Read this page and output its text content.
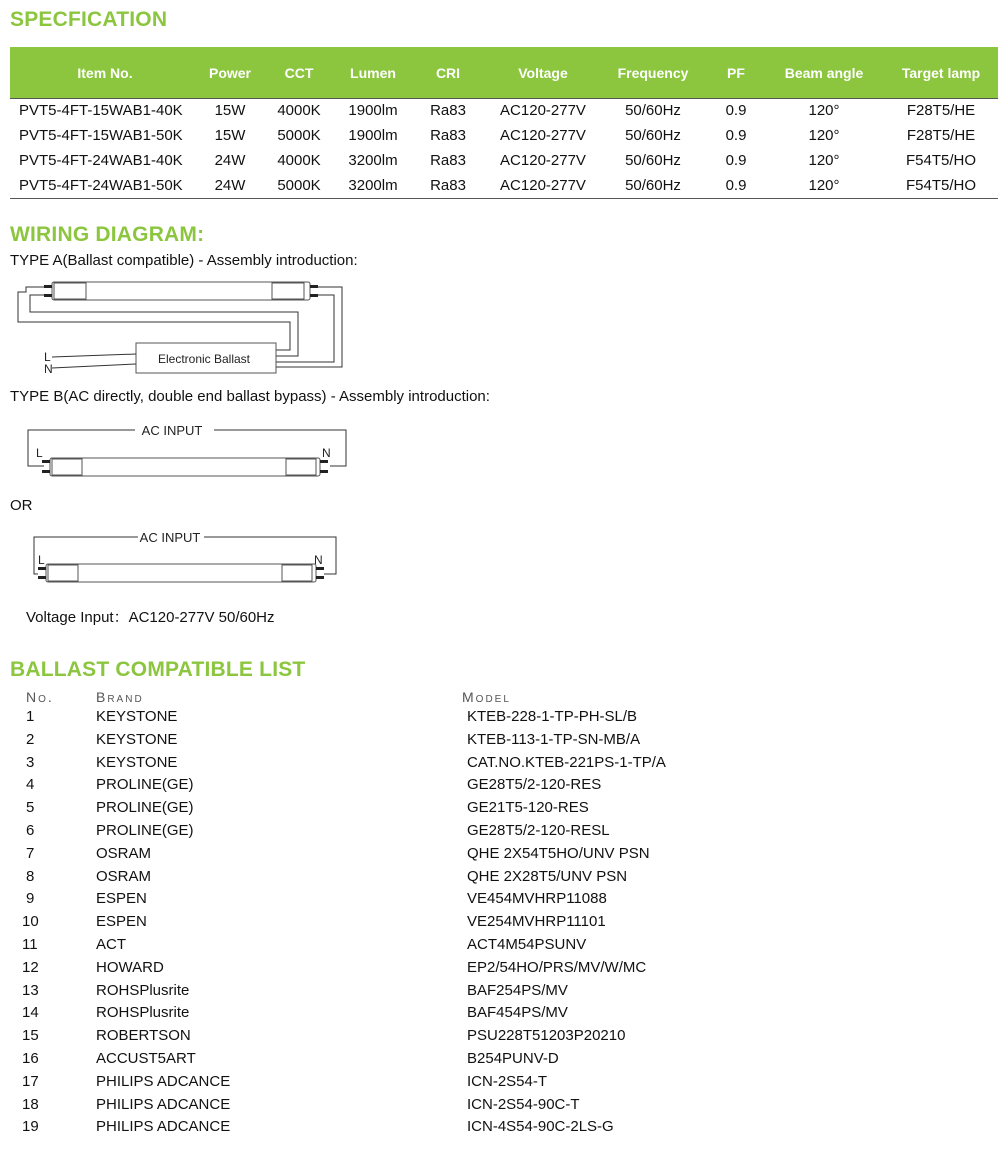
SPECFICATION
Item No.	Power	CCT	Lumen	CRI	Voltage	Frequency	PF	Beam angle	Target lamp
PVT5-4FT-15WAB1-40K	15W	4000K	1900lm	Ra83	AC120-277V	50/60Hz	0.9	120°	F28T5/HE
PVT5-4FT-15WAB1-50K	15W	5000K	1900lm	Ra83	AC120-277V	50/60Hz	0.9	120°	F28T5/HE
PVT5-4FT-24WAB1-40K	24W	4000K	3200lm	Ra83	AC120-277V	50/60Hz	0.9	120°	F54T5/HO
PVT5-4FT-24WAB1-50K	24W	5000K	3200lm	Ra83	AC120-277V	50/60Hz	0.9	120°	F54T5/HO
WIRING DIAGRAM:

TYPE A(Ballast compatible) - Assembly introduction:

Electronic Ballast
L
N

TYPE B(AC directly, double end ballast bypass) - Assembly introduction:

AC INPUT
L	N

OR

AC INPUT
L	N

Voltage Input：AC120-277V 50/60Hz

BALLAST COMPATIBLE LIST
No.	Brand	Model
1	KEYSTONE	KTEB-228-1-TP-PH-SL/B
2	KEYSTONE	KTEB-113-1-TP-SN-MB/A
3	KEYSTONE	CAT.NO.KTEB-221PS-1-TP/A
4	PROLINE(GE)	GE28T5/2-120-RES
5	PROLINE(GE)	GE21T5-120-RES
6	PROLINE(GE)	GE28T5/2-120-RESL
7	OSRAM	QHE 2X54T5HO/UNV PSN
8	OSRAM	QHE 2X28T5/UNV PSN
9	ESPEN	VE454MVHRP11088
10	ESPEN	VE254MVHRP11101
11	ACT	ACT4M54PSUNV
12	HOWARD	EP2/54HO/PRS/MV/W/MC
13	ROHSPlusrite	BAF254PS/MV
14	ROHSPlusrite	BAF454PS/MV
15	ROBERTSON	PSU228T51203P20210
16	ACCUST5ART	B254PUNV-D
17	PHILIPS ADCANCE	ICN-2S54-T
18	PHILIPS ADCANCE	ICN-2S54-90C-T
19	PHILIPS ADCANCE	ICN-4S54-90C-2LS-G
